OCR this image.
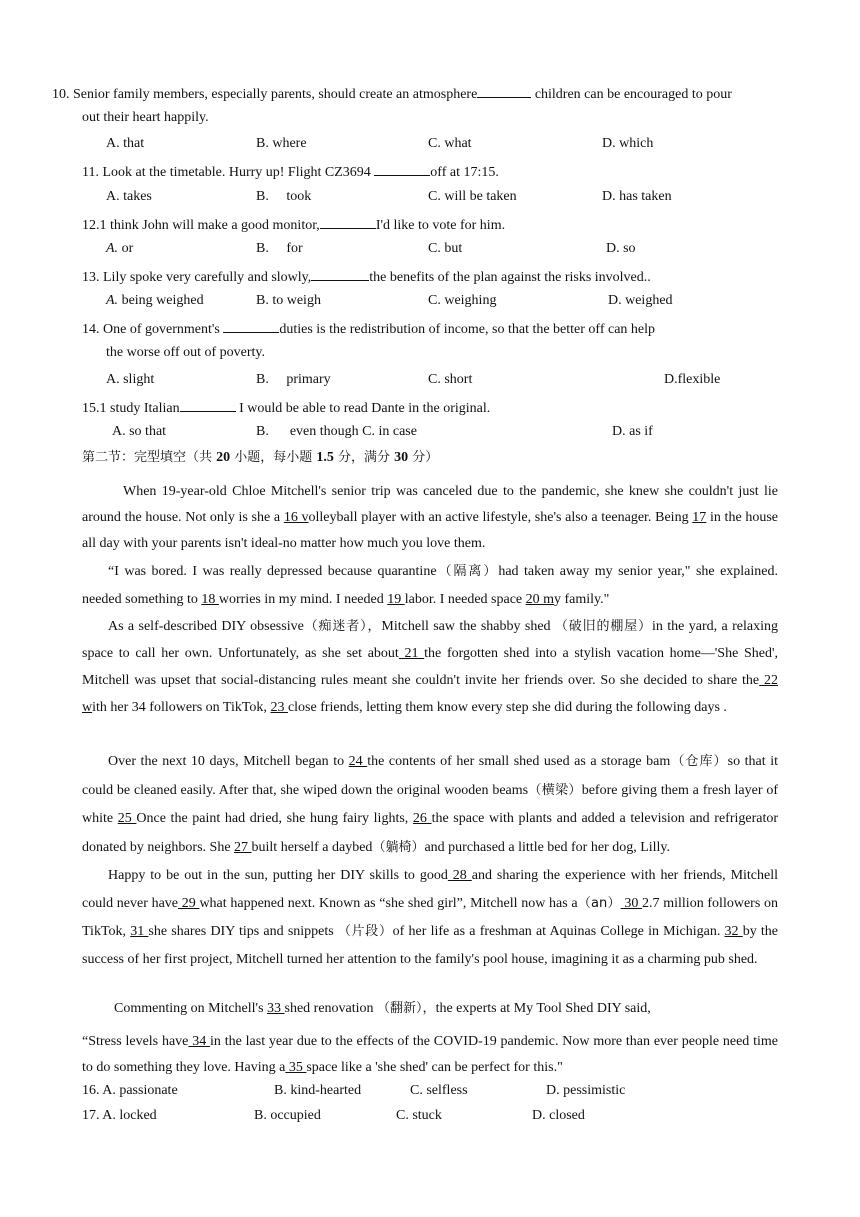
10. Senior family members, especially parents, should create an atmosphere	children can be encouraged to pour
out their heart happily.
A. that	B. where	C. what	D. which
11. Look at the timetable. Hurry up! Flight CZ3694	off at 17:15.
A. takes	B.     took	C. will be taken	D. has taken
12.1 think John will make a good monitor,	I'd like to vote for him.
A. or	B.     for	C. but	D. so
13. Lily spoke very carefully and slowly,	the benefits of the plan against the risks involved..
A. being weighed	B. to weigh	C. weighing	D. weighed
14. One of government's	duties is the redistribution of income, so that the better off can help
the worse off out of poverty.
A. slight	B.     primary	C. short	D.flexible
15.1 study Italian	I would be able to read Dante in the original.
A. so that	B.      even though C. in case	D. as if
第二节：完型填空（共 20 小题，每小题 1.5 分，满分 30 分）

When 19-year-old Chloe Mitchell's senior trip was canceled due to the pandemic, she knew she couldn't just lie around the house. Not only is she a 16 volleyball player with an active lifestyle, she's also a teenager. Being 17 in the house all day with your parents isn't ideal-no matter how much you love them.

“I was bored. I was really depressed because quarantine（隔离）had taken away my senior year," she explained. needed something to 18 worries in my mind. I needed 19 labor. I needed space 20 my family."

As a self-described DIY obsessive（痴迷者），Mitchell saw the shabby shed （破旧的棚屋）in the yard, a relaxing space to call her own. Unfortunately, as she set about 21 the forgotten shed into a stylish vacation home—'She Shed', Mitchell was upset that social-distancing rules meant she couldn't invite her friends over. So she decided to share the 22 with her 34 followers on TikTok, 23 close friends, letting them know every step she did during the following days .

Over the next 10 days, Mitchell began to 24 the contents of her small shed used as a storage bam（仓库）so that it could be cleaned easily. After that, she wiped down the original wooden beams（横梁）before giving them a fresh layer of white 25 Once the paint had dried, she hung fairy lights, 26 the space with plants and added a television and refrigerator donated by neighbors. She 27 built herself a daybed（躺椅）and purchased a little bed for her dog, Lilly.

Happy to be out in the sun, putting her DIY skills to good 28 and sharing the experience with her friends, Mitchell could never have 29 what happened next. Known as “she shed girl”, Mitchell now has a（an） 30 2.7 million followers on TikTok, 31 she shares DIY tips and snippets （片段）of her life as a freshman at Aquinas College in Michigan. 32 by the success of her first project, Mitchell turned her attention to the family's pool house, imagining it as a charming pub shed.

Commenting on Mitchell's 33 shed renovation （翻新），the experts at My Tool Shed DIY said,

“Stress levels have 34 in the last year due to the effects of the COVID-19 pandemic. Now more than ever people need time to do something they love. Having a 35 space like a 'she shed' can be perfect for this."

16. A. passionate	B. kind-hearted	C. selfless	D. pessimistic
17. A. locked	B. occupied	C. stuck	D. closed
